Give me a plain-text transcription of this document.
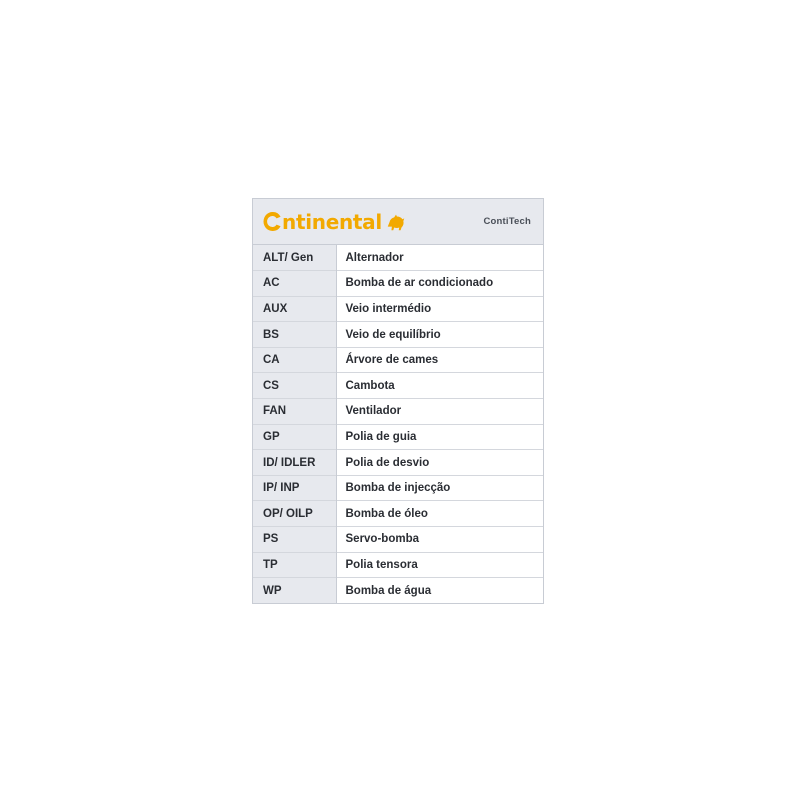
ntinental	ContiTech
ALT/ Gen	Alternador
AC	Bomba de ar condicionado
AUX	Veio intermédio
BS	Veio de equilíbrio
CA	Árvore de cames
CS	Cambota
FAN	Ventilador
GP	Polia de guia
ID/ IDLER	Polia de desvio
IP/ INP	Bomba de injecção
OP/ OILP	Bomba de óleo
PS	Servo-bomba
TP	Polia tensora
WP	Bomba de água
